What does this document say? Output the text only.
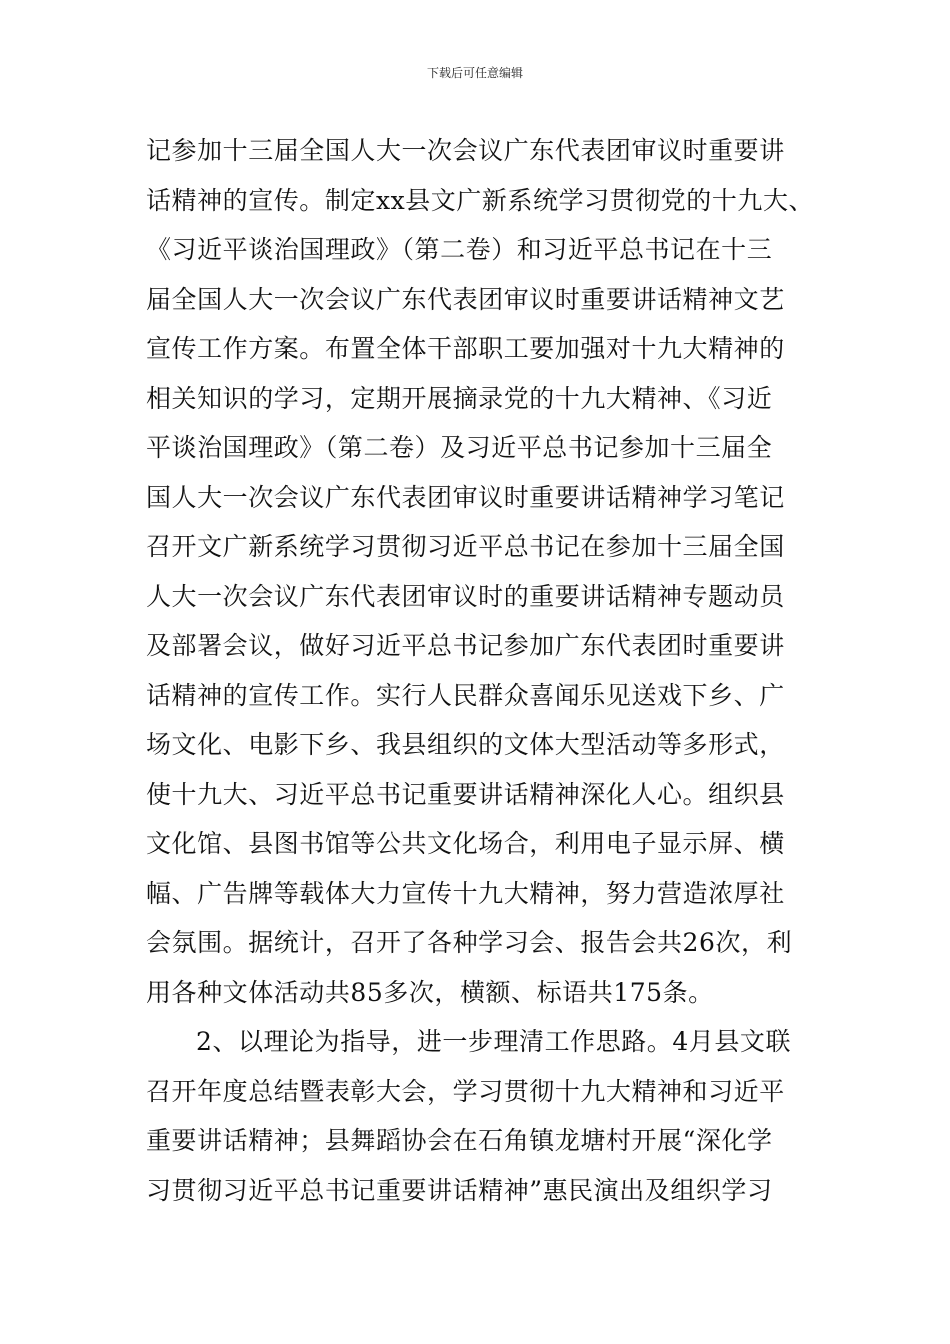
下载后可任意编辑
记参加十三届全国人大一次会议广东代表团审议时重要讲
话精神的宣传。制定xx县文广新系统学习贯彻党的十九大、
《习近平谈治国理政》（第二卷）和习近平总书记在十三
届全国人大一次会议广东代表团审议时重要讲话精神文艺
宣传工作方案。布置全体干部职工要加强对十九大精神的
相关知识的学习，定期开展摘录党的十九大精神、《习近
平谈治国理政》（第二卷）及习近平总书记参加十三届全
国人大一次会议广东代表团审议时重要讲话精神学习笔记
召开文广新系统学习贯彻习近平总书记在参加十三届全国
人大一次会议广东代表团审议时的重要讲话精神专题动员
及部署会议，做好习近平总书记参加广东代表团时重要讲
话精神的宣传工作。实行人民群众喜闻乐见送戏下乡、广
场文化、电影下乡、我县组织的文体大型活动等多形式，
使十九大、习近平总书记重要讲话精神深化人心。组织县
文化馆、县图书馆等公共文化场合，利用电子显示屏、横
幅、广告牌等载体大力宣传十九大精神，努力营造浓厚社
会氛围。据统计，召开了各种学习会、报告会共26次，利
用各种文体活动共85多次，横额、标语共175条。
2、以理论为指导，进一步理清工作思路。4月县文联
召开年度总结暨表彰大会，学习贯彻十九大精神和习近平
重要讲话精神；县舞蹈协会在石角镇龙塘村开展“深化学
习贯彻习近平总书记重要讲话精神”惠民演出及组织学习
